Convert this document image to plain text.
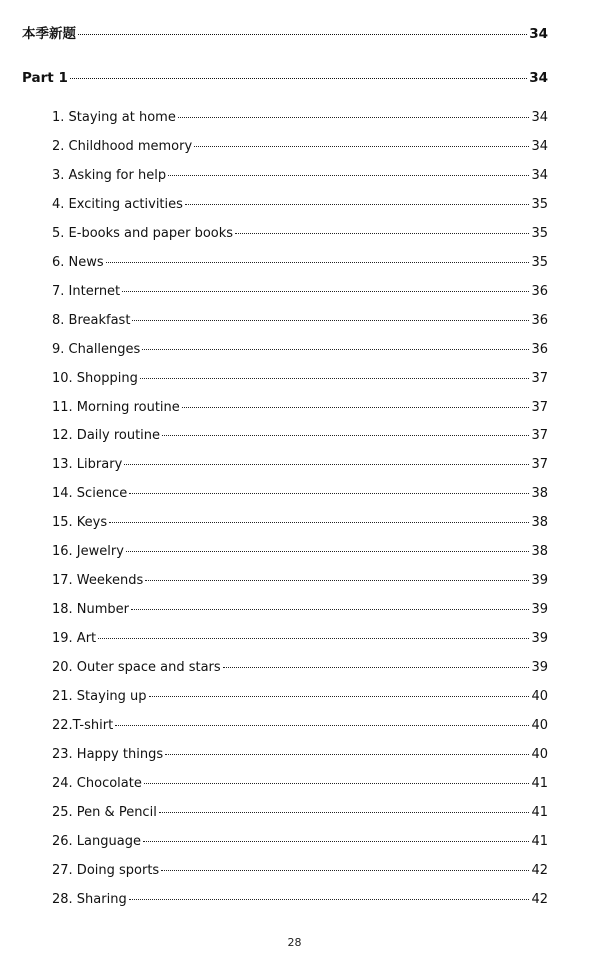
本季新题	34
Part 1	34
1. Staying at home	34
2. Childhood memory	34
3. Asking for help	34
4. Exciting activities	35
5. E-books and paper books	35
6. News	35
7. Internet	36
8. Breakfast	36
9. Challenges	36
10. Shopping	37
11. Morning routine	37
12. Daily routine	37
13. Library	37
14. Science	38
15. Keys	38
16. Jewelry	38
17. Weekends	39
18. Number	39
19. Art	39
20. Outer space and stars	39
21. Staying up	40
22.T-shirt	40
23. Happy things	40
24. Chocolate	41
25. Pen & Pencil	41
26. Language	41
27. Doing sports	42
28. Sharing	42
28
